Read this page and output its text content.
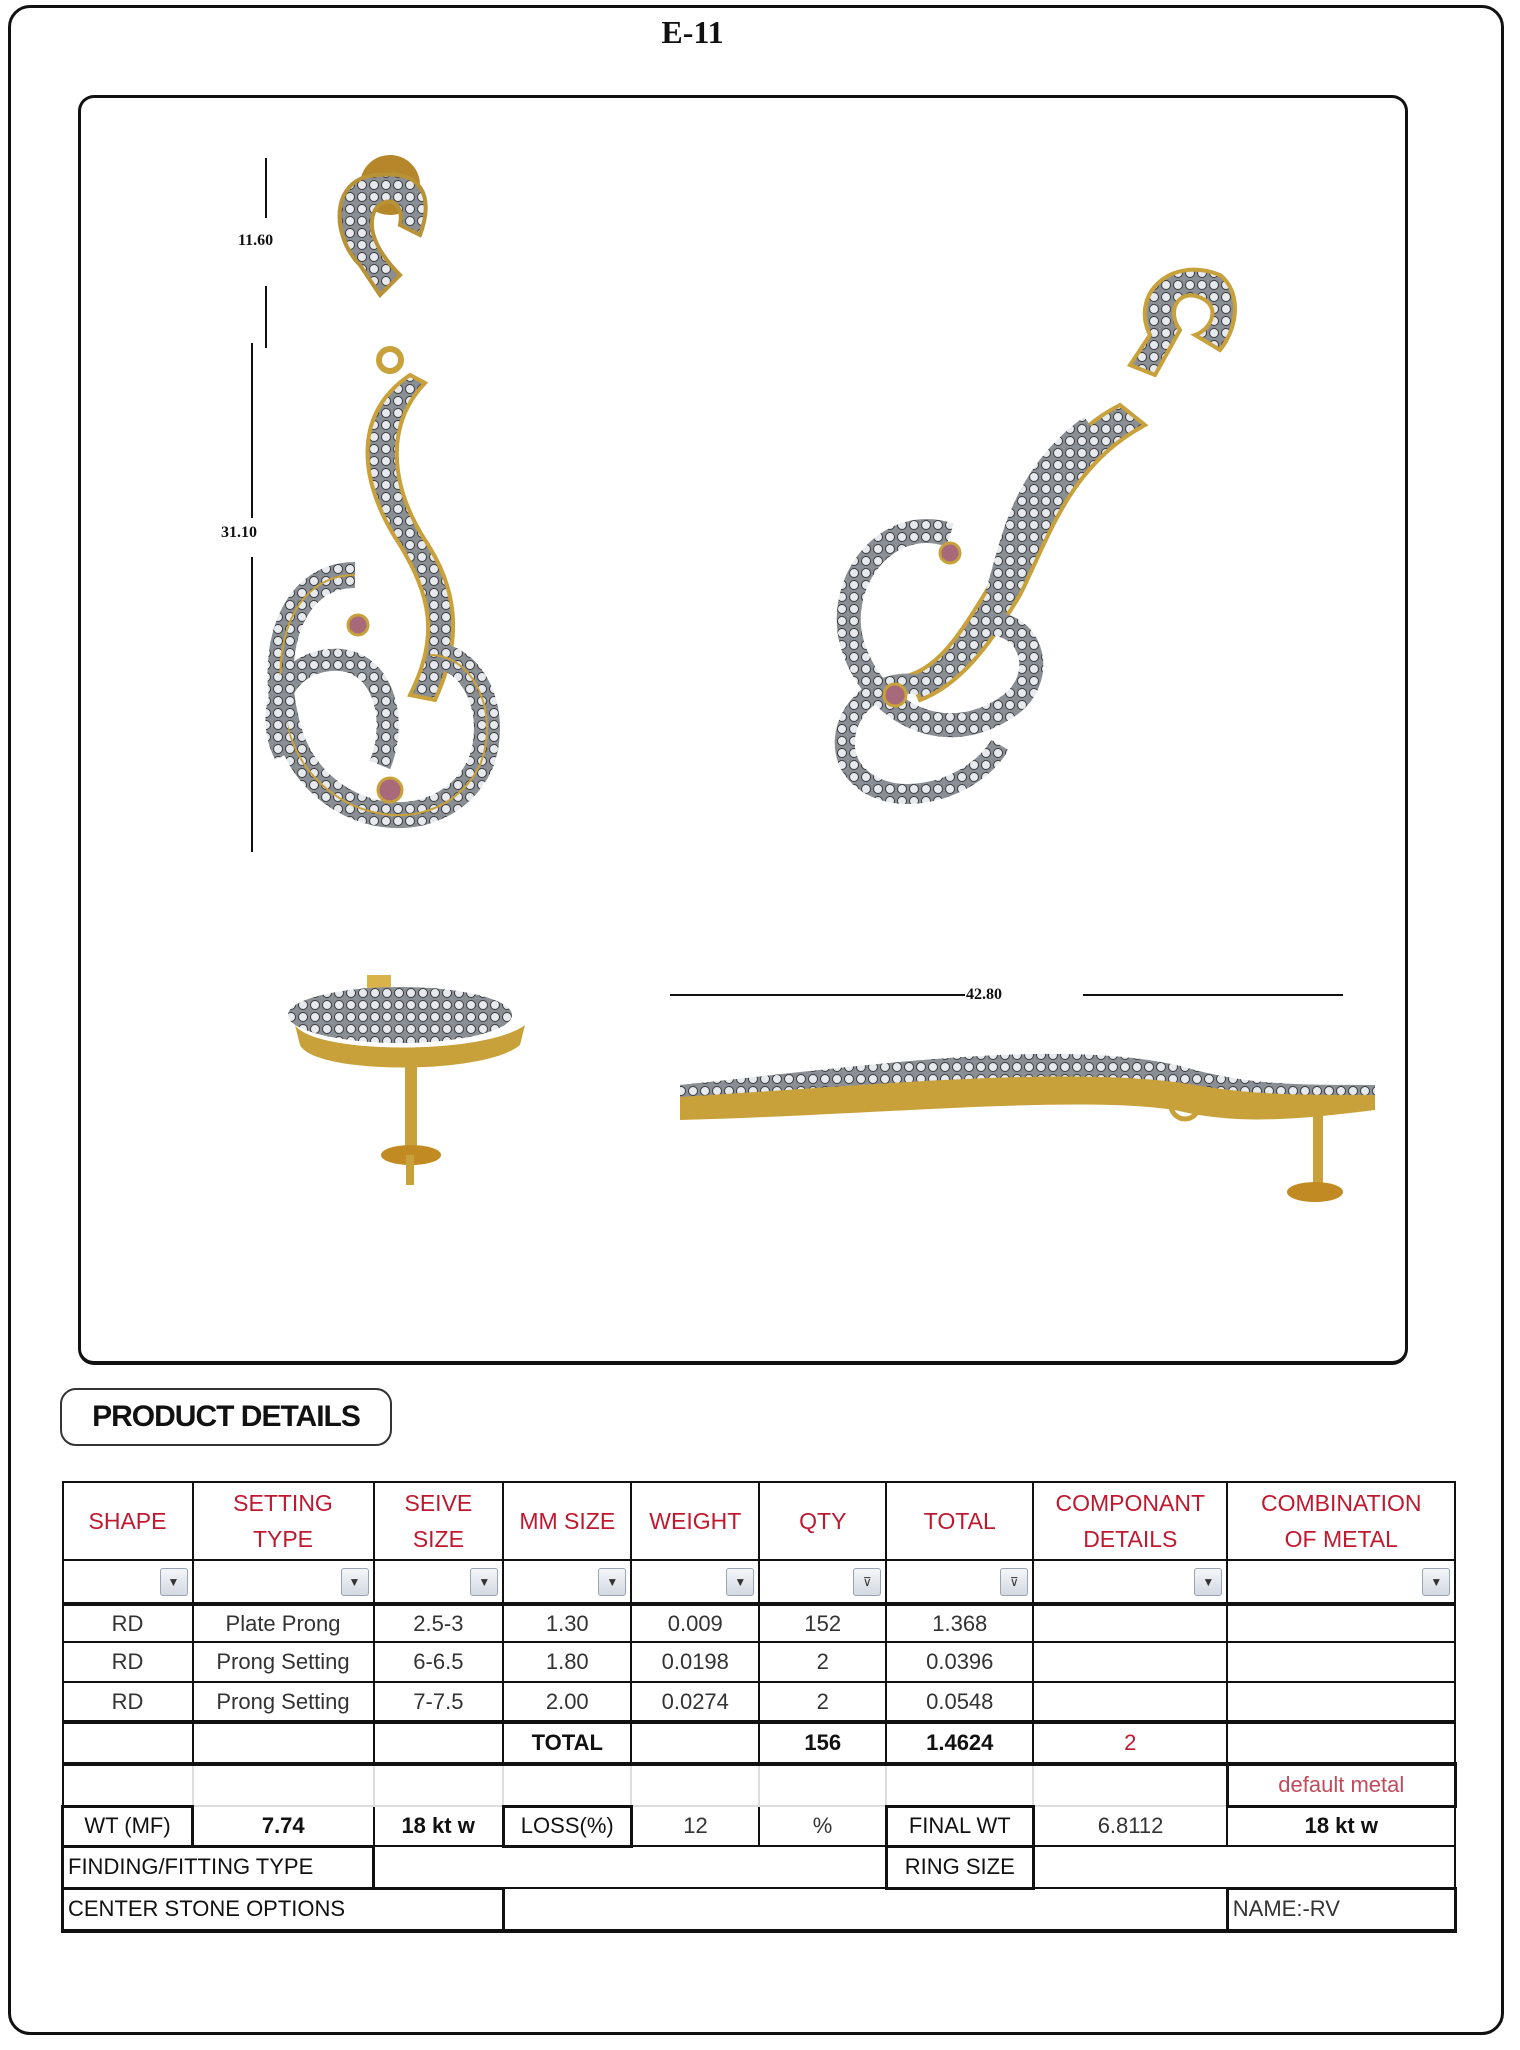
E-11
11.60
31.10
42.80
PRODUCT DETAILS
SHAPE	SETTING TYPE	SEIVE SIZE	MM SIZE	WEIGHT	QTY	TOTAL	COMPONANT DETAILS	COMBINATION OF METAL

▼	▼	▼	▼	▼	⊽	⊽	▼	▼

RD	Plate Prong	2.5-3	1.30	0.009	152	1.368		
RD	Prong Setting	6-6.5	1.80	0.0198	2	0.0396		
RD	Prong Setting	7-7.5	2.00	0.0274	2	0.0548		
			TOTAL		156	1.4624	2	
								default metal
WT (MF)	7.74	18 kt w	LOSS(%)	12	%	FINAL WT	6.8112	18 kt w
FINDING/FITTING TYPE						RING SIZE		
CENTER STONE OPTIONS								NAME:-RV
